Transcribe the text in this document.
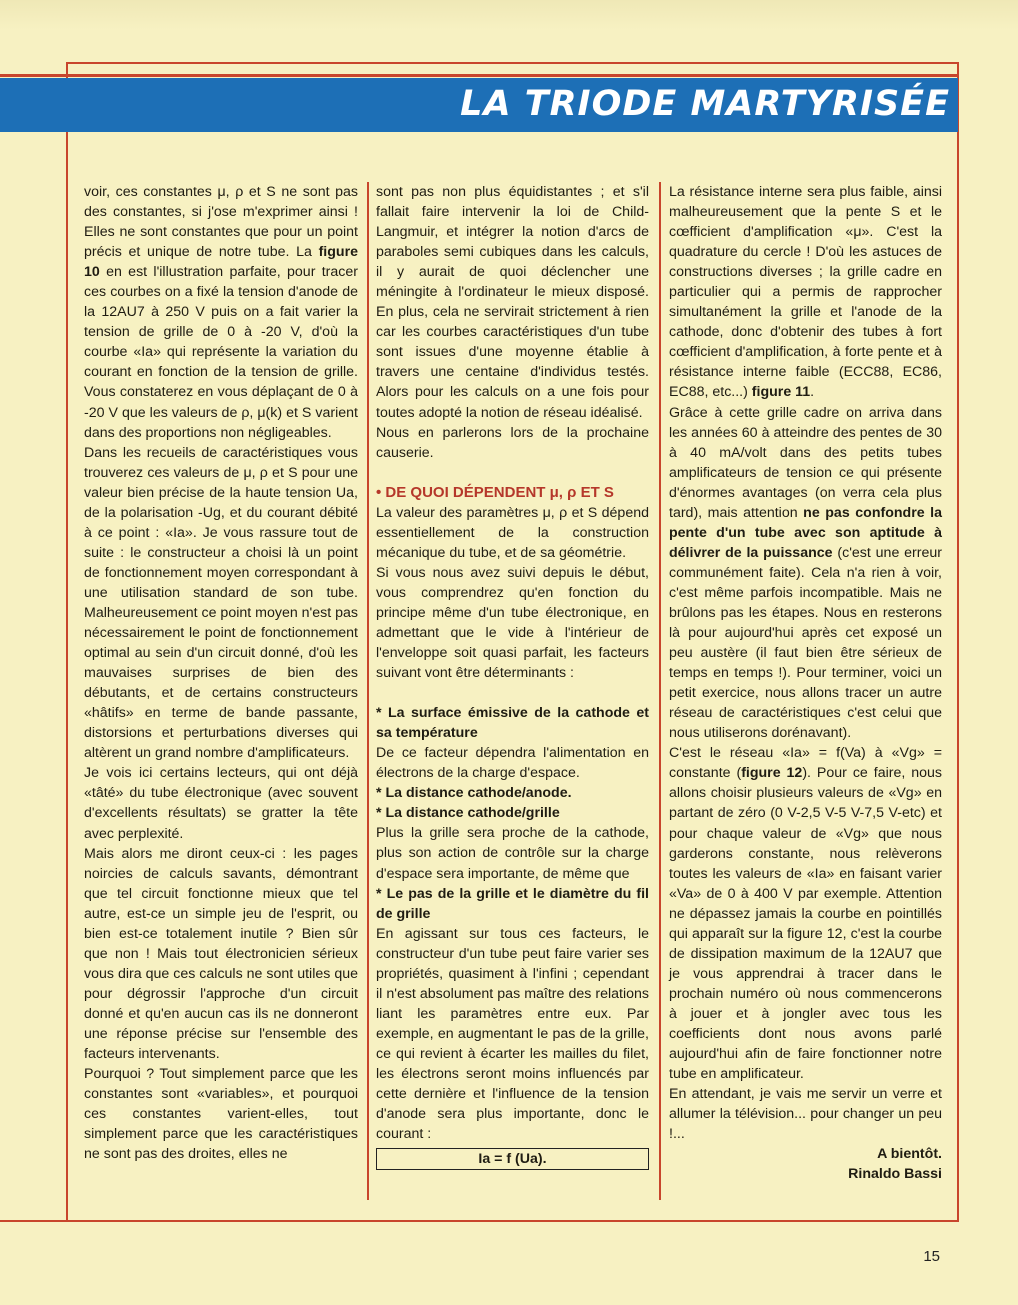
LA TRIODE MARTYRISÉE

voir, ces constantes μ, ρ et S ne sont pas des constantes, si j'ose m'exprimer ainsi ! Elles ne sont constantes que pour un point précis et unique de notre tube. La figure 10 en est l'illustration parfaite, pour tracer ces courbes on a fixé la tension d'anode de la 12AU7 à 250 V puis on a fait varier la tension de grille de 0 à -20 V, d'où la courbe «Ia» qui représente la variation du courant en fonction de la tension de grille. Vous constaterez en vous déplaçant de 0 à -20 V que les valeurs de ρ, μ(k) et S varient dans des proportions non négligeables.

Dans les recueils de caractéristiques vous trouverez ces valeurs de μ, ρ et S pour une valeur bien précise de la haute tension Ua, de la polarisation -Ug, et du courant débité à ce point : «Ia». Je vous rassure tout de suite : le constructeur a choisi là un point de fonctionnement moyen correspondant à une utilisation standard de son tube. Malheureusement ce point moyen n'est pas nécessairement le point de fonctionnement optimal au sein d'un circuit donné, d'où les mauvaises surprises de bien des débutants, et de certains constructeurs «hâtifs» en terme de bande passante, distorsions et perturbations diverses qui altèrent un grand nombre d'amplificateurs.

Je vois ici certains lecteurs, qui ont déjà «tâté» du tube électronique (avec souvent d'excellents résultats) se gratter la tête avec perplexité.

Mais alors me diront ceux-ci : les pages noircies de calculs savants, démontrant que tel circuit fonctionne mieux que tel autre, est-ce un simple jeu de l'esprit, ou bien est-ce totalement inutile ? Bien sûr que non ! Mais tout électronicien sérieux vous dira que ces calculs ne sont utiles que pour dégrossir l'approche d'un circuit donné et qu'en aucun cas ils ne donneront une réponse précise sur l'ensemble des facteurs intervenants.

Pourquoi ? Tout simplement parce que les constantes sont «variables», et pourquoi ces constantes varient-elles, tout simplement parce que les caractéristiques ne sont pas des droites, elles ne

sont pas non plus équidistantes ; et s'il fallait faire intervenir la loi de Child-Langmuir, et intégrer la notion d'arcs de paraboles semi cubiques dans les calculs, il y aurait de quoi déclencher une méningite à l'ordinateur le mieux disposé. En plus, cela ne servirait strictement à rien car les courbes caractéristiques d'un tube sont issues d'une moyenne établie à travers une centaine d'individus testés. Alors pour les calculs on a une fois pour toutes adopté la notion de réseau idéalisé.

Nous en parlerons lors de la prochaine causerie.

• DE QUOI DÉPENDENT μ, ρ ET S

La valeur des paramètres μ, ρ et S dépend essentiellement de la construction mécanique du tube, et de sa géométrie.

Si vous nous avez suivi depuis le début, vous comprendrez qu'en fonction du principe même d'un tube électronique, en admettant que le vide à l'intérieur de l'enveloppe soit quasi parfait, les facteurs suivant vont être déterminants :

* La surface émissive de la cathode et sa température

De ce facteur dépendra l'alimentation en électrons de la charge d'espace.

* La distance cathode/anode.

* La distance cathode/grille

Plus la grille sera proche de la cathode, plus son action de contrôle sur la charge d'espace sera importante, de même que

* Le pas de la grille et le diamètre du fil de grille

En agissant sur tous ces facteurs, le constructeur d'un tube peut faire varier ses propriétés, quasiment à l'infini ; cependant il n'est absolument pas maître des relations liant les paramètres entre eux. Par exemple, en augmentant le pas de la grille, ce qui revient à écarter les mailles du filet, les électrons seront moins influencés par cette dernière et l'influence de la tension d'anode sera plus importante, donc le courant :

Ia = f (Ua).

La résistance interne sera plus faible, ainsi malheureusement que la pente S et le cœfficient d'amplification «μ». C'est la quadrature du cercle ! D'où les astuces de constructions diverses ; la grille cadre en particulier qui a permis de rapprocher simultanément la grille et l'anode de la cathode, donc d'obtenir des tubes à fort cœfficient d'amplification, à forte pente et à résistance interne faible (ECC88, EC86, EC88, etc...) figure 11.

Grâce à cette grille cadre on arriva dans les années 60 à atteindre des pentes de 30 à 40 mA/volt dans des petits tubes amplificateurs de tension ce qui présente d'énormes avantages (on verra cela plus tard), mais attention ne pas confondre la pente d'un tube avec son aptitude à délivrer de la puissance (c'est une erreur communément faite). Cela n'a rien à voir, c'est même parfois incompatible. Mais ne brûlons pas les étapes. Nous en resterons là pour aujourd'hui après cet exposé un peu austère (il faut bien être sérieux de temps en temps !). Pour terminer, voici un petit exercice, nous allons tracer un autre réseau de caractéristiques c'est celui que nous utiliserons dorénavant).

C'est le réseau «Ia» = f(Va) à «Vg» = constante (figure 12). Pour ce faire, nous allons choisir plusieurs valeurs de «Vg» en partant de zéro (0 V-2,5 V-5 V-7,5 V-etc) et pour chaque valeur de «Vg» que nous garderons constante, nous relèverons toutes les valeurs de «Ia» en faisant varier «Va» de 0 à 400 V par exemple. Attention ne dépassez jamais la courbe en pointillés qui apparaît sur la figure 12, c'est la courbe de dissipation maximum de la 12AU7 que je vous apprendrai à tracer dans le prochain numéro où nous commencerons à jouer et à jongler avec tous les coefficients dont nous avons parlé aujourd'hui afin de faire fonctionner notre tube en amplificateur.

En attendant, je vais me servir un verre et allumer la télévision... pour changer un peu !...

A bientôt.

Rinaldo Bassi

15
